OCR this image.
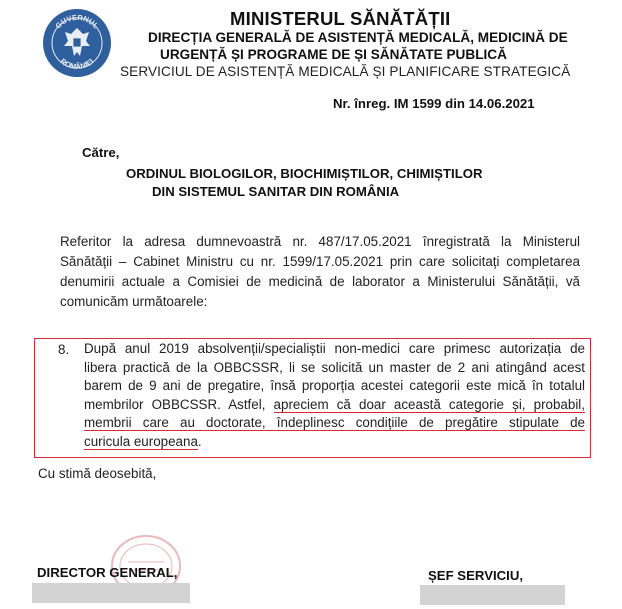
GUVERNUL
ROMÂNIEI
MINISTERUL SĂNĂTĂȚII
DIRECȚIA GENERALĂ DE ASISTENȚĂ MEDICALĂ, MEDICINĂ DE
URGENȚĂ ȘI PROGRAME DE ȘI SĂNĂTATE PUBLICĂ
SERVICIUL DE ASISTENȚĂ MEDICALĂ ȘI PLANIFICARE STRATEGICĂ
Nr. înreg. IM 1599 din 14.06.2021
Către,
ORDINUL BIOLOGILOR, BIOCHIMIȘTILOR, CHIMIȘTILOR
DIN SISTEMUL SANITAR DIN ROMÂNIA
Referitor la adresa dumnevoastră nr. 487/17.05.2021 înregistrată la Ministerul
Sănătății – Cabinet Ministru cu nr. 1599/17.05.2021 prin care solicitați completarea
denumirii actuale a Comisiei de medicină de laborator a Ministerului Sănătății, vă
comunicăm următoarele:
8. După anul 2019 absolvenții/specialiștii non-medici care primesc autorizația de
libera practică de la OBBCSSR, li se solicită un master de 2 ani atingând acest
barem de 9 ani de pregatire, însă proporția acestei categorii este mică în totalul
membrilor OBBCSSR. Astfel, apreciem că doar această categorie și, probabil,
membrii care au doctorate, îndeplinesc condițiile de pregătire stipulate de
curicula europeana.
Cu stimă deosebită,
DIRECTOR GENERAL,	ȘEF SERVICIU,
